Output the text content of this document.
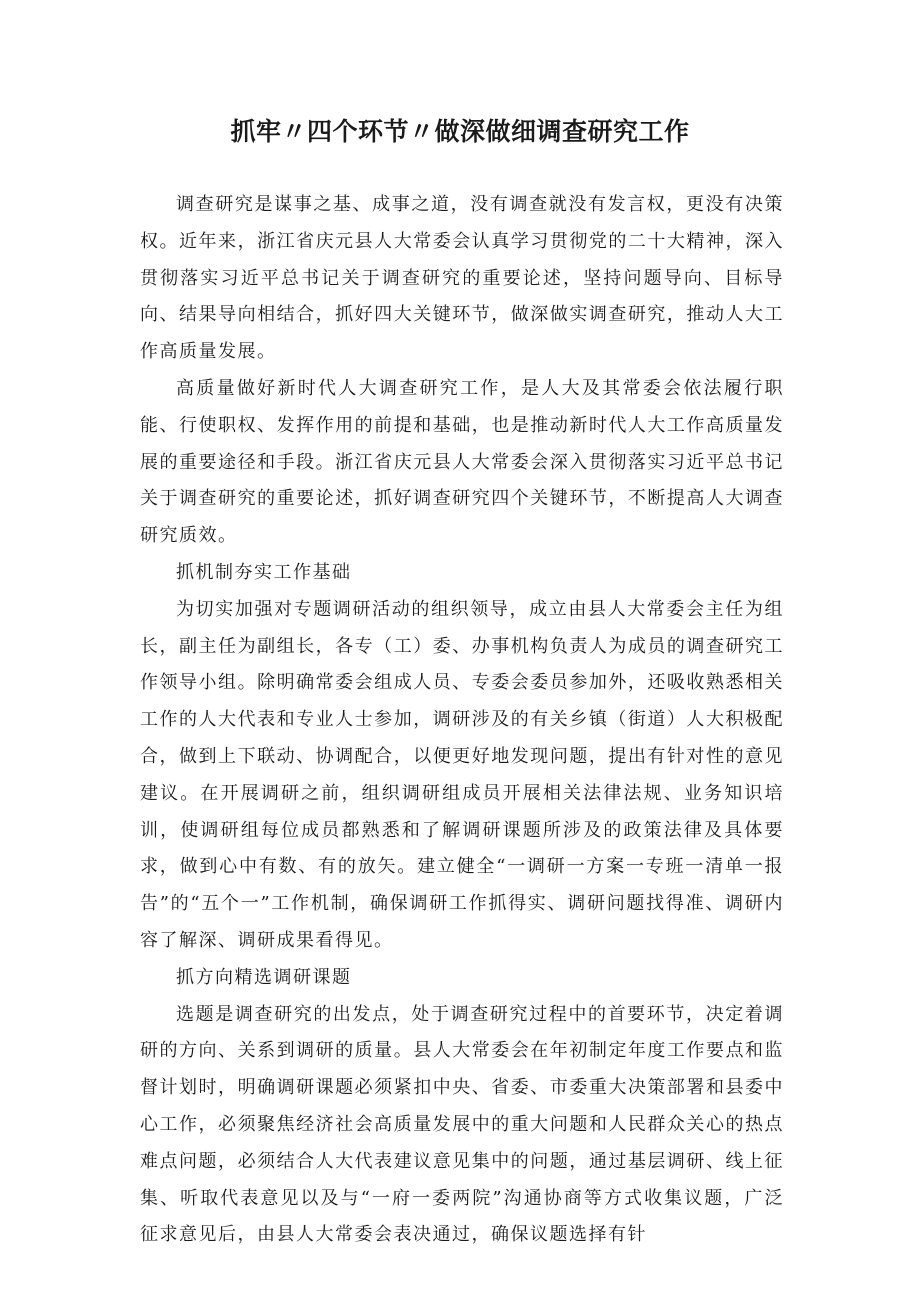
抓牢〃四个环节〃做深做细调查研究工作

调查研究是谋事之基、成事之道，没有调查就没有发言权，更没有决策权。近年来，浙江省庆元县人大常委会认真学习贯彻党的二十大精神，深入贯彻落实习近平总书记关于调查研究的重要论述，坚持问题导向、目标导向、结果导向相结合，抓好四大关键环节，做深做实调查研究，推动人大工作高质量发展。

高质量做好新时代人大调查研究工作，是人大及其常委会依法履行职能、行使职权、发挥作用的前提和基础，也是推动新时代人大工作高质量发展的重要途径和手段。浙江省庆元县人大常委会深入贯彻落实习近平总书记关于调查研究的重要论述，抓好调查研究四个关键环节，不断提高人大调查研究质效。

抓机制夯实工作基础

为切实加强对专题调研活动的组织领导，成立由县人大常委会主任为组长，副主任为副组长，各专（工）委、办事机构负责人为成员的调查研究工作领导小组。除明确常委会组成人员、专委会委员参加外，还吸收熟悉相关工作的人大代表和专业人士参加，调研涉及的有关乡镇（街道）人大积极配合，做到上下联动、协调配合，以便更好地发现问题，提出有针对性的意见建议。在开展调研之前，组织调研组成员开展相关法律法规、业务知识培训，使调研组每位成员都熟悉和了解调研课题所涉及的政策法律及具体要求，做到心中有数、有的放矢。建立健全“一调研一方案一专班一清单一报告”的“五个一”工作机制，确保调研工作抓得实、调研问题找得准、调研内容了解深、调研成果看得见。

抓方向精选调研课题

选题是调查研究的出发点，处于调查研究过程中的首要环节，决定着调研的方向、关系到调研的质量。县人大常委会在年初制定年度工作要点和监督计划时，明确调研课题必须紧扣中央、省委、市委重大决策部署和县委中心工作，必须聚焦经济社会高质量发展中的重大问题和人民群众关心的热点难点问题，必须结合人大代表建议意见集中的问题，通过基层调研、线上征集、听取代表意见以及与“一府一委两院”沟通协商等方式收集议题，广泛征求意见后，由县人大常委会表决通过，确保议题选择有针
